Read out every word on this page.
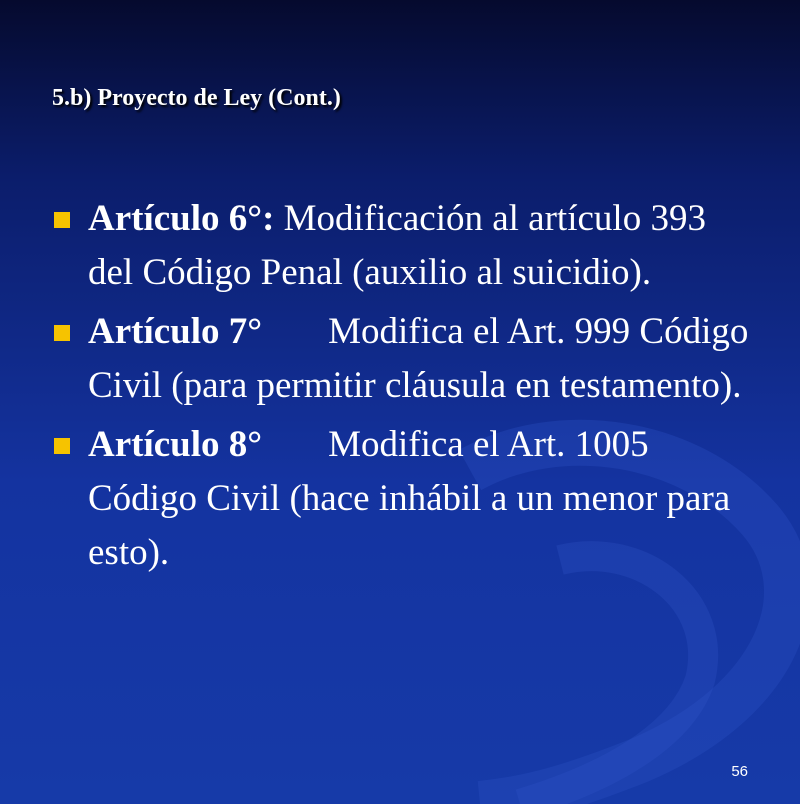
5.b) Proyecto de Ley (Cont.)
Artículo 6°: Modificación al artículo 393 del Código Penal (auxilio al suicidio).
Artículo 7° Modifica el Art. 999 Código Civil (para permitir cláusula en testamento).
Artículo 8° Modifica el Art. 1005 Código Civil (hace inhábil a un menor para esto).
56
